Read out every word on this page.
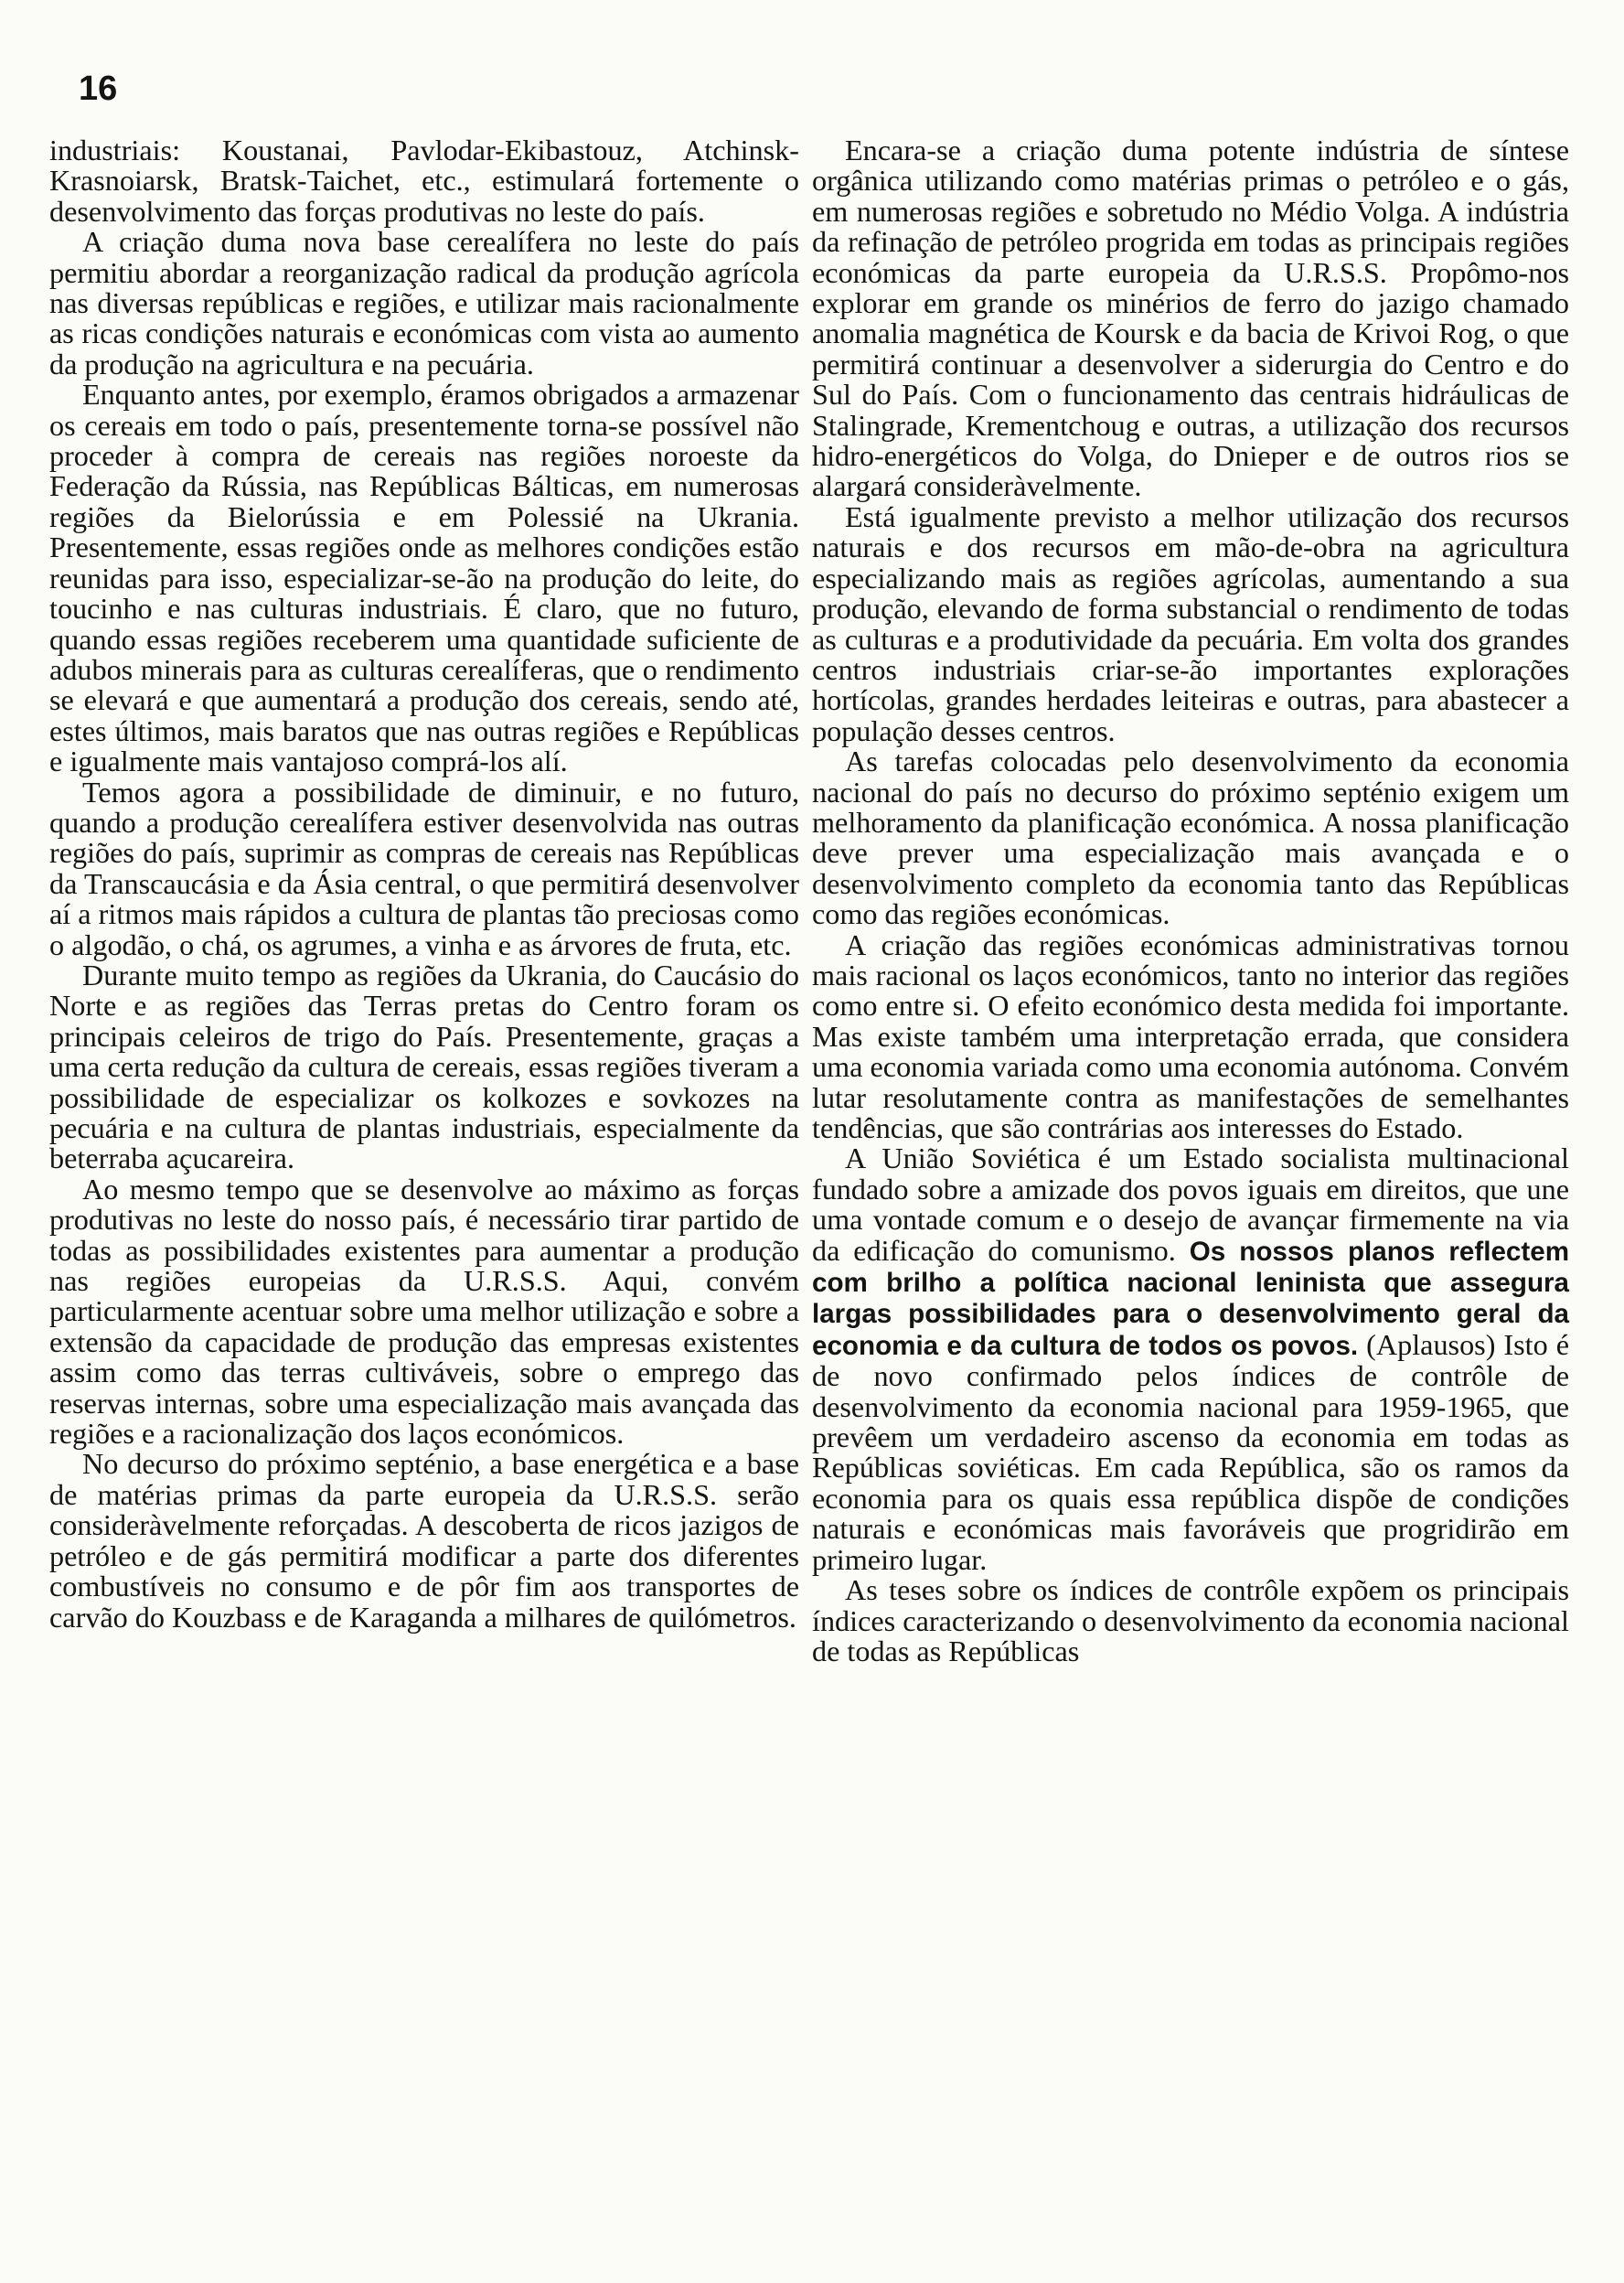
16

industriais: Koustanai, Pavlodar-Ekibastouz, Atchinsk-Krasnoiarsk, Bratsk-Taichet, etc., estimulará fortemente o desenvolvimento das forças produtivas no leste do país.

A criação duma nova base cerealífera no leste do país permitiu abordar a reorganização radical da produção agrícola nas diversas repúblicas e regiões, e utilizar mais racionalmente as ricas condições naturais e económicas com vista ao aumento da produção na agricultura e na pecuária.

Enquanto antes, por exemplo, éramos obrigados a armazenar os cereais em todo o país, presentemente torna-se possível não proceder à compra de cereais nas regiões noroeste da Federação da Rússia, nas Repúblicas Bálticas, em numerosas regiões da Bielorússia e em Polessié na Ukrania. Presentemente, essas regiões onde as melhores condições estão reunidas para isso, especializar-se-ão na produção do leite, do toucinho e nas culturas industriais. É claro, que no futuro, quando essas regiões receberem uma quantidade suficiente de adubos minerais para as culturas cerealíferas, que o rendimento se elevará e que aumentará a produção dos cereais, sendo até, estes últimos, mais baratos que nas outras regiões e Repúblicas e igualmente mais vantajoso comprá-los alí.

Temos agora a possibilidade de diminuir, e no futuro, quando a produção cerealífera estiver desenvolvida nas outras regiões do país, suprimir as compras de cereais nas Repúblicas da Transcaucásia e da Ásia central, o que permitirá desenvolver aí a ritmos mais rápidos a cultura de plantas tão preciosas como o algodão, o chá, os agrumes, a vinha e as árvores de fruta, etc.

Durante muito tempo as regiões da Ukrania, do Caucásio do Norte e as regiões das Terras pretas do Centro foram os principais celeiros de trigo do País. Presentemente, graças a uma certa redução da cultura de cereais, essas regiões tiveram a possibilidade de especializar os kolkozes e sovkozes na pecuária e na cultura de plantas industriais, especialmente da beterraba açucareira.

Ao mesmo tempo que se desenvolve ao máximo as forças produtivas no leste do nosso país, é necessário tirar partido de todas as possibilidades existentes para aumentar a produção nas regiões europeias da U.R.S.S. Aqui, convém particularmente acentuar sobre uma melhor utilização e sobre a extensão da capacidade de produção das empresas existentes assim como das terras cultiváveis, sobre o emprego das reservas internas, sobre uma especialização mais avançada das regiões e a racionalização dos laços económicos.

No decurso do próximo septénio, a base energética e a base de matérias primas da parte europeia da U.R.S.S. serão consideràvelmente reforçadas. A descoberta de ricos jazigos de petróleo e de gás permitirá modificar a parte dos diferentes combustíveis no consumo e de pôr fim aos transportes de carvão do Kouzbass e de Karaganda a milhares de quilómetros.

Encara-se a criação duma potente indústria de síntese orgânica utilizando como matérias primas o petróleo e o gás, em numerosas regiões e sobretudo no Médio Volga. A indústria da refinação de petróleo progrida em todas as principais regiões económicas da parte europeia da U.R.S.S. Propômo-nos explorar em grande os minérios de ferro do jazigo chamado anomalia magnética de Koursk e da bacia de Krivoi Rog, o que permitirá continuar a desenvolver a siderurgia do Centro e do Sul do País. Com o funcionamento das centrais hidráulicas de Stalingrade, Krementchoug e outras, a utilização dos recursos hidro-energéticos do Volga, do Dnieper e de outros rios se alargará consideràvelmente.

Está igualmente previsto a melhor utilização dos recursos naturais e dos recursos em mão-de-obra na agricultura especializando mais as regiões agrícolas, aumentando a sua produção, elevando de forma substancial o rendimento de todas as culturas e a produtividade da pecuária. Em volta dos grandes centros industriais criar-se-ão importantes explorações hortícolas, grandes herdades leiteiras e outras, para abastecer a população desses centros.

As tarefas colocadas pelo desenvolvimento da economia nacional do país no decurso do próximo septénio exigem um melhoramento da planificação económica. A nossa planificação deve prever uma especialização mais avançada e o desenvolvimento completo da economia tanto das Repúblicas como das regiões económicas.

A criação das regiões económicas administrativas tornou mais racional os laços económicos, tanto no interior das regiões como entre si. O efeito económico desta medida foi importante. Mas existe também uma interpretação errada, que considera uma economia variada como uma economia autónoma. Convém lutar resolutamente contra as manifestações de semelhantes tendências, que são contrárias aos interesses do Estado.

A União Soviética é um Estado socialista multinacional fundado sobre a amizade dos povos iguais em direitos, que une uma vontade comum e o desejo de avançar firmemente na via da edificação do comunismo. Os nossos planos reflectem com brilho a política nacional leninista que assegura largas possibilidades para o desenvolvimento geral da economia e da cultura de todos os povos. (Aplausos) Isto é de novo confirmado pelos índices de contrôle de desenvolvimento da economia nacional para 1959-1965, que prevêem um verdadeiro ascenso da economia em todas as Repúblicas soviéticas. Em cada República, são os ramos da economia para os quais essa república dispõe de condições naturais e económicas mais favoráveis que progridirão em primeiro lugar.

As teses sobre os índices de contrôle expõem os principais índices caracterizando o desenvolvimento da economia nacional de todas as Repúblicas
